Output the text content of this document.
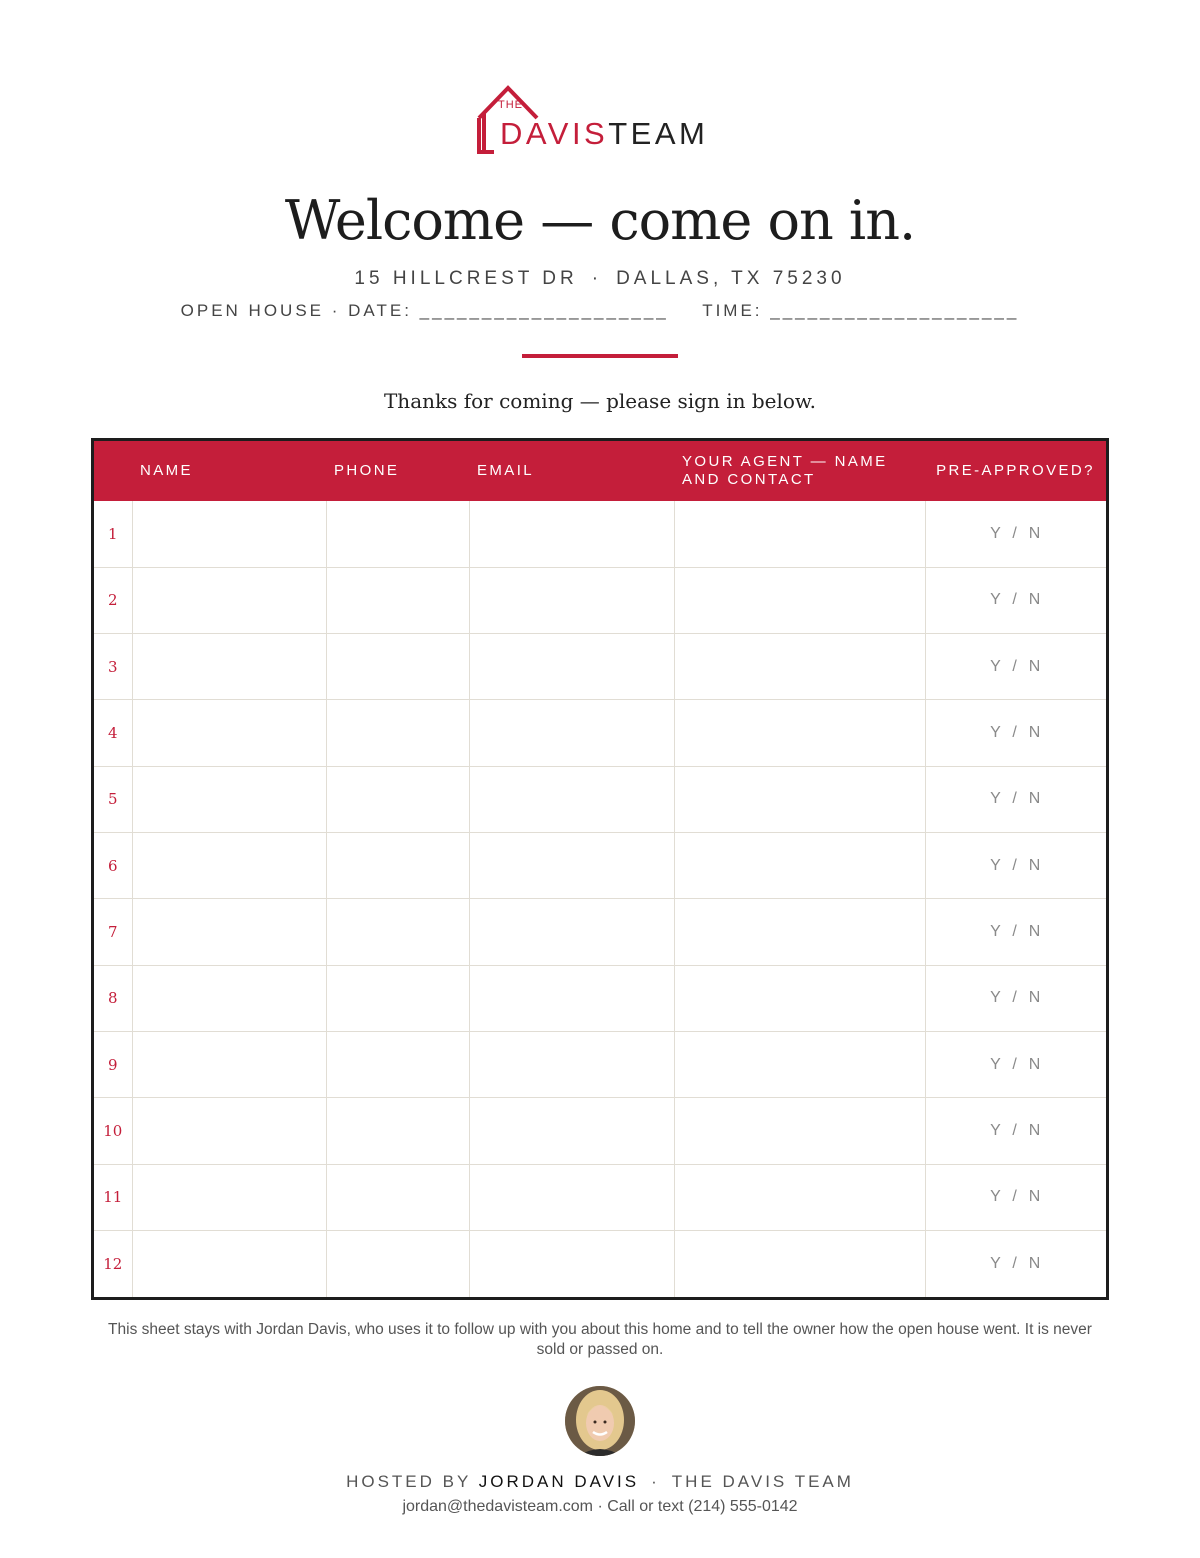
THE
DAVISTEAM
Welcome — come on in.
15 HILLCREST DR · DALLAS, TX 75230
OPEN HOUSE · DATE: ____________________ TIME: ____________________
Thanks for coming — please sign in below.
	NAME	PHONE	EMAIL	YOUR AGENT — NAME AND CONTACT	PRE-APPROVED?
1					Y  /  N
2					Y  /  N
3					Y  /  N
4					Y  /  N
5					Y  /  N
6					Y  /  N
7					Y  /  N
8					Y  /  N
9					Y  /  N
10					Y  /  N
11					Y  /  N
12					Y  /  N
This sheet stays with Jordan Davis, who uses it to follow up with you about this home and to tell the owner how the open house went. It is never sold or passed on.
HOSTED BY JORDAN DAVIS · THE DAVIS TEAM
jordan@thedavisteam.com · Call or text (214) 555-0142
